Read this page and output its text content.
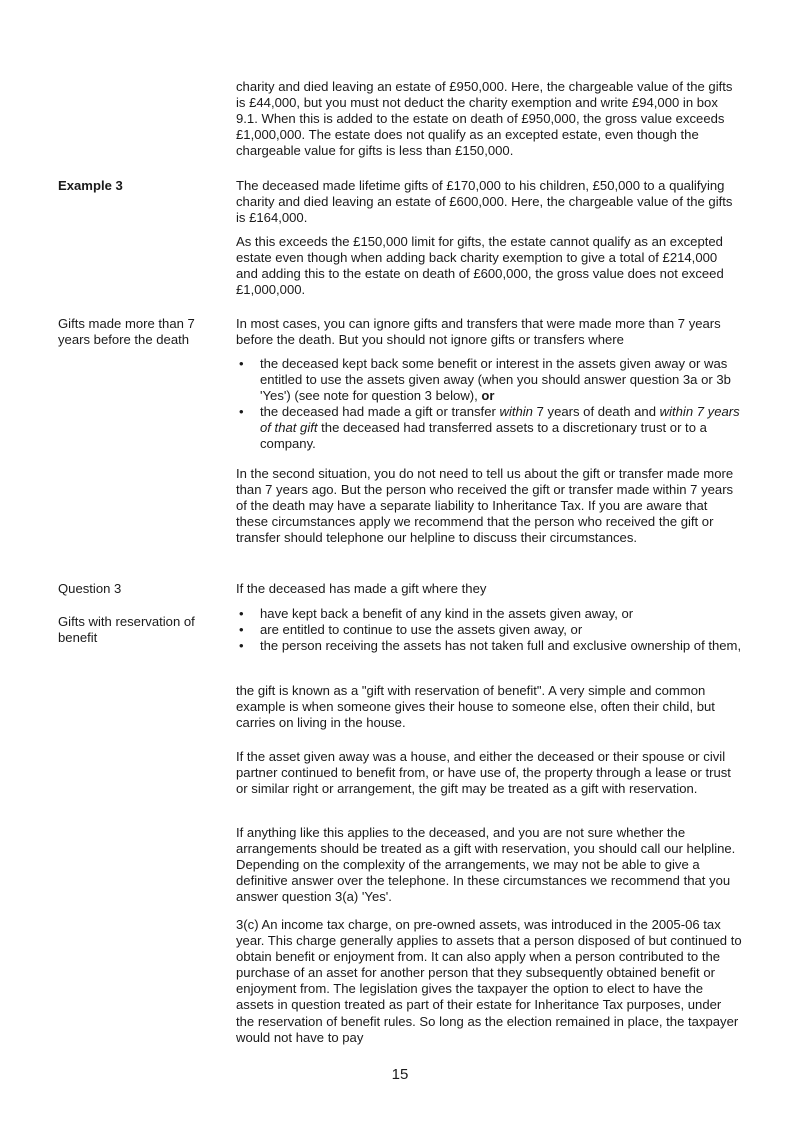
charity and died leaving an estate of £950,000. Here, the chargeable value of the gifts is £44,000, but you must not deduct the charity exemption and write £94,000 in box 9.1. When this is added to the estate on death of £950,000, the gross value exceeds £1,000,000. The estate does not qualify as an excepted estate, even though the chargeable value for gifts is less than £150,000.

Example 3	The deceased made lifetime gifts of £170,000 to his children, £50,000 to a qualifying charity and died leaving an estate of £600,000. Here, the chargeable value of the gifts is £164,000.

As this exceeds the £150,000 limit for gifts, the estate cannot qualify as an excepted estate even though when adding back charity exemption to give a total of £214,000 and adding this to the estate on death of £600,000, the gross value does not exceed £1,000,000.

Gifts made more than 7 years before the death

In most cases, you can ignore gifts and transfers that were made more than 7 years before the death. But you should not ignore gifts or transfers where

• the deceased kept back some benefit or interest in the assets given away or was entitled to use the assets given away (when you should answer question 3a or 3b 'Yes') (see note for question 3 below), or
• the deceased had made a gift or transfer within 7 years of death and within 7 years of that gift the deceased had transferred assets to a discretionary trust or to a company.

In the second situation, you do not need to tell us about the gift or transfer made more than 7 years ago. But the person who received the gift or transfer made within 7 years of the death may have a separate liability to Inheritance Tax. If you are aware that these circumstances apply we recommend that the person who received the gift or transfer should telephone our helpline to discuss their circumstances.

Question 3	If the deceased has made a gift where they

Gifts with reservation of benefit
• have kept back a benefit of any kind in the assets given away, or
• are entitled to continue to use the assets given away, or
• the person receiving the assets has not taken full and exclusive ownership of them,

the gift is known as a "gift with reservation of benefit". A very simple and common example is when someone gives their house to someone else, often their child, but carries on living in the house.

If the asset given away was a house, and either the deceased or their spouse or civil partner continued to benefit from, or have use of, the property through a lease or trust or similar right or arrangement, the gift may be treated as a gift with reservation.

If anything like this applies to the deceased, and you are not sure whether the arrangements should be treated as a gift with reservation, you should call our helpline. Depending on the complexity of the arrangements, we may not be able to give a definitive answer over the telephone. In these circumstances we recommend that you answer question 3(a) 'Yes'.

3(c) An income tax charge, on pre-owned assets, was introduced in the 2005-06 tax year. This charge generally applies to assets that a person disposed of but continued to obtain benefit or enjoyment from. It can also apply when a person contributed to the purchase of an asset for another person that they subsequently obtained benefit or enjoyment from. The legislation gives the taxpayer the option to elect to have the assets in question treated as part of their estate for Inheritance Tax purposes, under the reservation of benefit rules. So long as the election remained in place, the taxpayer would not have to pay

15
